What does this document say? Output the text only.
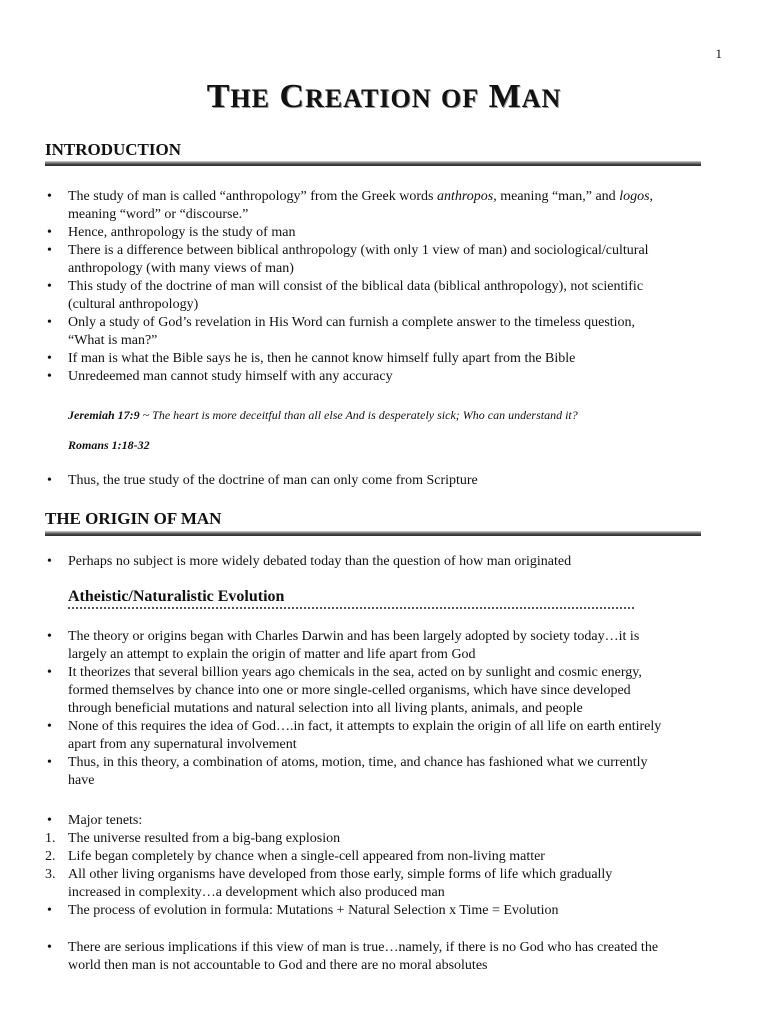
1
THE CREATION OF MAN
INTRODUCTION
• The study of man is called “anthropology” from the Greek words anthropos, meaning “man,” and logos,
meaning “word” or “discourse.”
• Hence, anthropology is the study of man
• There is a difference between biblical anthropology (with only 1 view of man) and sociological/cultural
anthropology (with many views of man)
• This study of the doctrine of man will consist of the biblical data (biblical anthropology), not scientific
(cultural anthropology)
• Only a study of God’s revelation in His Word can furnish a complete answer to the timeless question,
“What is man?”
• If man is what the Bible says he is, then he cannot know himself fully apart from the Bible
• Unredeemed man cannot study himself with any accuracy
Jeremiah 17:9 ~ The heart is more deceitful than all else And is desperately sick; Who can understand it?
Romans 1:18-32
• Thus, the true study of the doctrine of man can only come from Scripture
THE ORIGIN OF MAN
• Perhaps no subject is more widely debated today than the question of how man originated
Atheistic/Naturalistic Evolution
• The theory or origins began with Charles Darwin and has been largely adopted by society today…it is
largely an attempt to explain the origin of matter and life apart from God
• It theorizes that several billion years ago chemicals in the sea, acted on by sunlight and cosmic energy,
formed themselves by chance into one or more single-celled organisms, which have since developed
through beneficial mutations and natural selection into all living plants, animals, and people
• None of this requires the idea of God….in fact, it attempts to explain the origin of all life on earth entirely
apart from any supernatural involvement
• Thus, in this theory, a combination of atoms, motion, time, and chance has fashioned what we currently
have
• Major tenets:
1. The universe resulted from a big-bang explosion
2. Life began completely by chance when a single-cell appeared from non-living matter
3. All other living organisms have developed from those early, simple forms of life which gradually
increased in complexity…a development which also produced man
• The process of evolution in formula: Mutations + Natural Selection x Time = Evolution
• There are serious implications if this view of man is true…namely, if there is no God who has created the
world then man is not accountable to God and there are no moral absolutes
